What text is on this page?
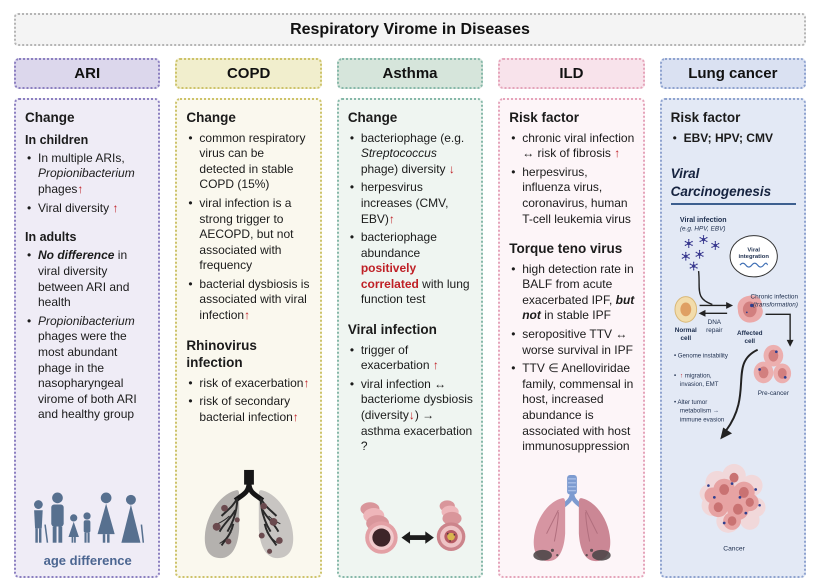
Respiratory Virome in Diseases
ARI
Change
In children
• In multiple ARIs, Propionibacterium phages↑
• Viral diversity ↑
In adults
• No difference in viral diversity between ARI and health
• Propionibacterium phages were the most abundant phage in the nasopharyngeal virome of both ARI and healthy group
age difference
COPD
Change
• common respiratory virus can be detected in stable COPD (15%)
• viral infection is a strong trigger to AECOPD, but not associated with frequency
• bacterial dysbiosis is associated with viral infection↑
Rhinovirus infection
• risk of exacerbation↑
• risk of secondary bacterial infection↑
Asthma
Change
• bacteriophage (e.g. Streptococcus phage) diversity ↓
• herpesvirus increases (CMV, EBV)↑
• bacteriophage abundance positively correlated with lung function test
Viral infection
• trigger of exacerbation ↑
• viral infection ↔ bacteriome dysbiosis (diversity↓) → asthma exacerbation ?
ILD
Risk factor
• chronic viral infection ↔ risk of fibrosis ↑
• herpesvirus, influenza virus, coronavirus, human T-cell leukemia virus
Torque teno virus
• high detection rate in BALF from acute exacerbated IPF, but not in stable IPF
• seropositive TTV ↔ worse survival in IPF
• TTV ∈ Anelloviridae family, commensal in host, increased abundance is associated with host immunosuppression
Lung cancer
Risk factor
• EBV; HPV; CMV
Viral Carcinogenesis
Viral infection
(e.g. HPV, EBV)
Viral
integration
DNA
repair
Normal
cell
Affected
cell
Chronic infection
(transformation)
Pre-cancer
• Genome instability
• ↑ migration,
invasion, EMT
• Alter tumor
metabolism →
immune evasion
Cancer
